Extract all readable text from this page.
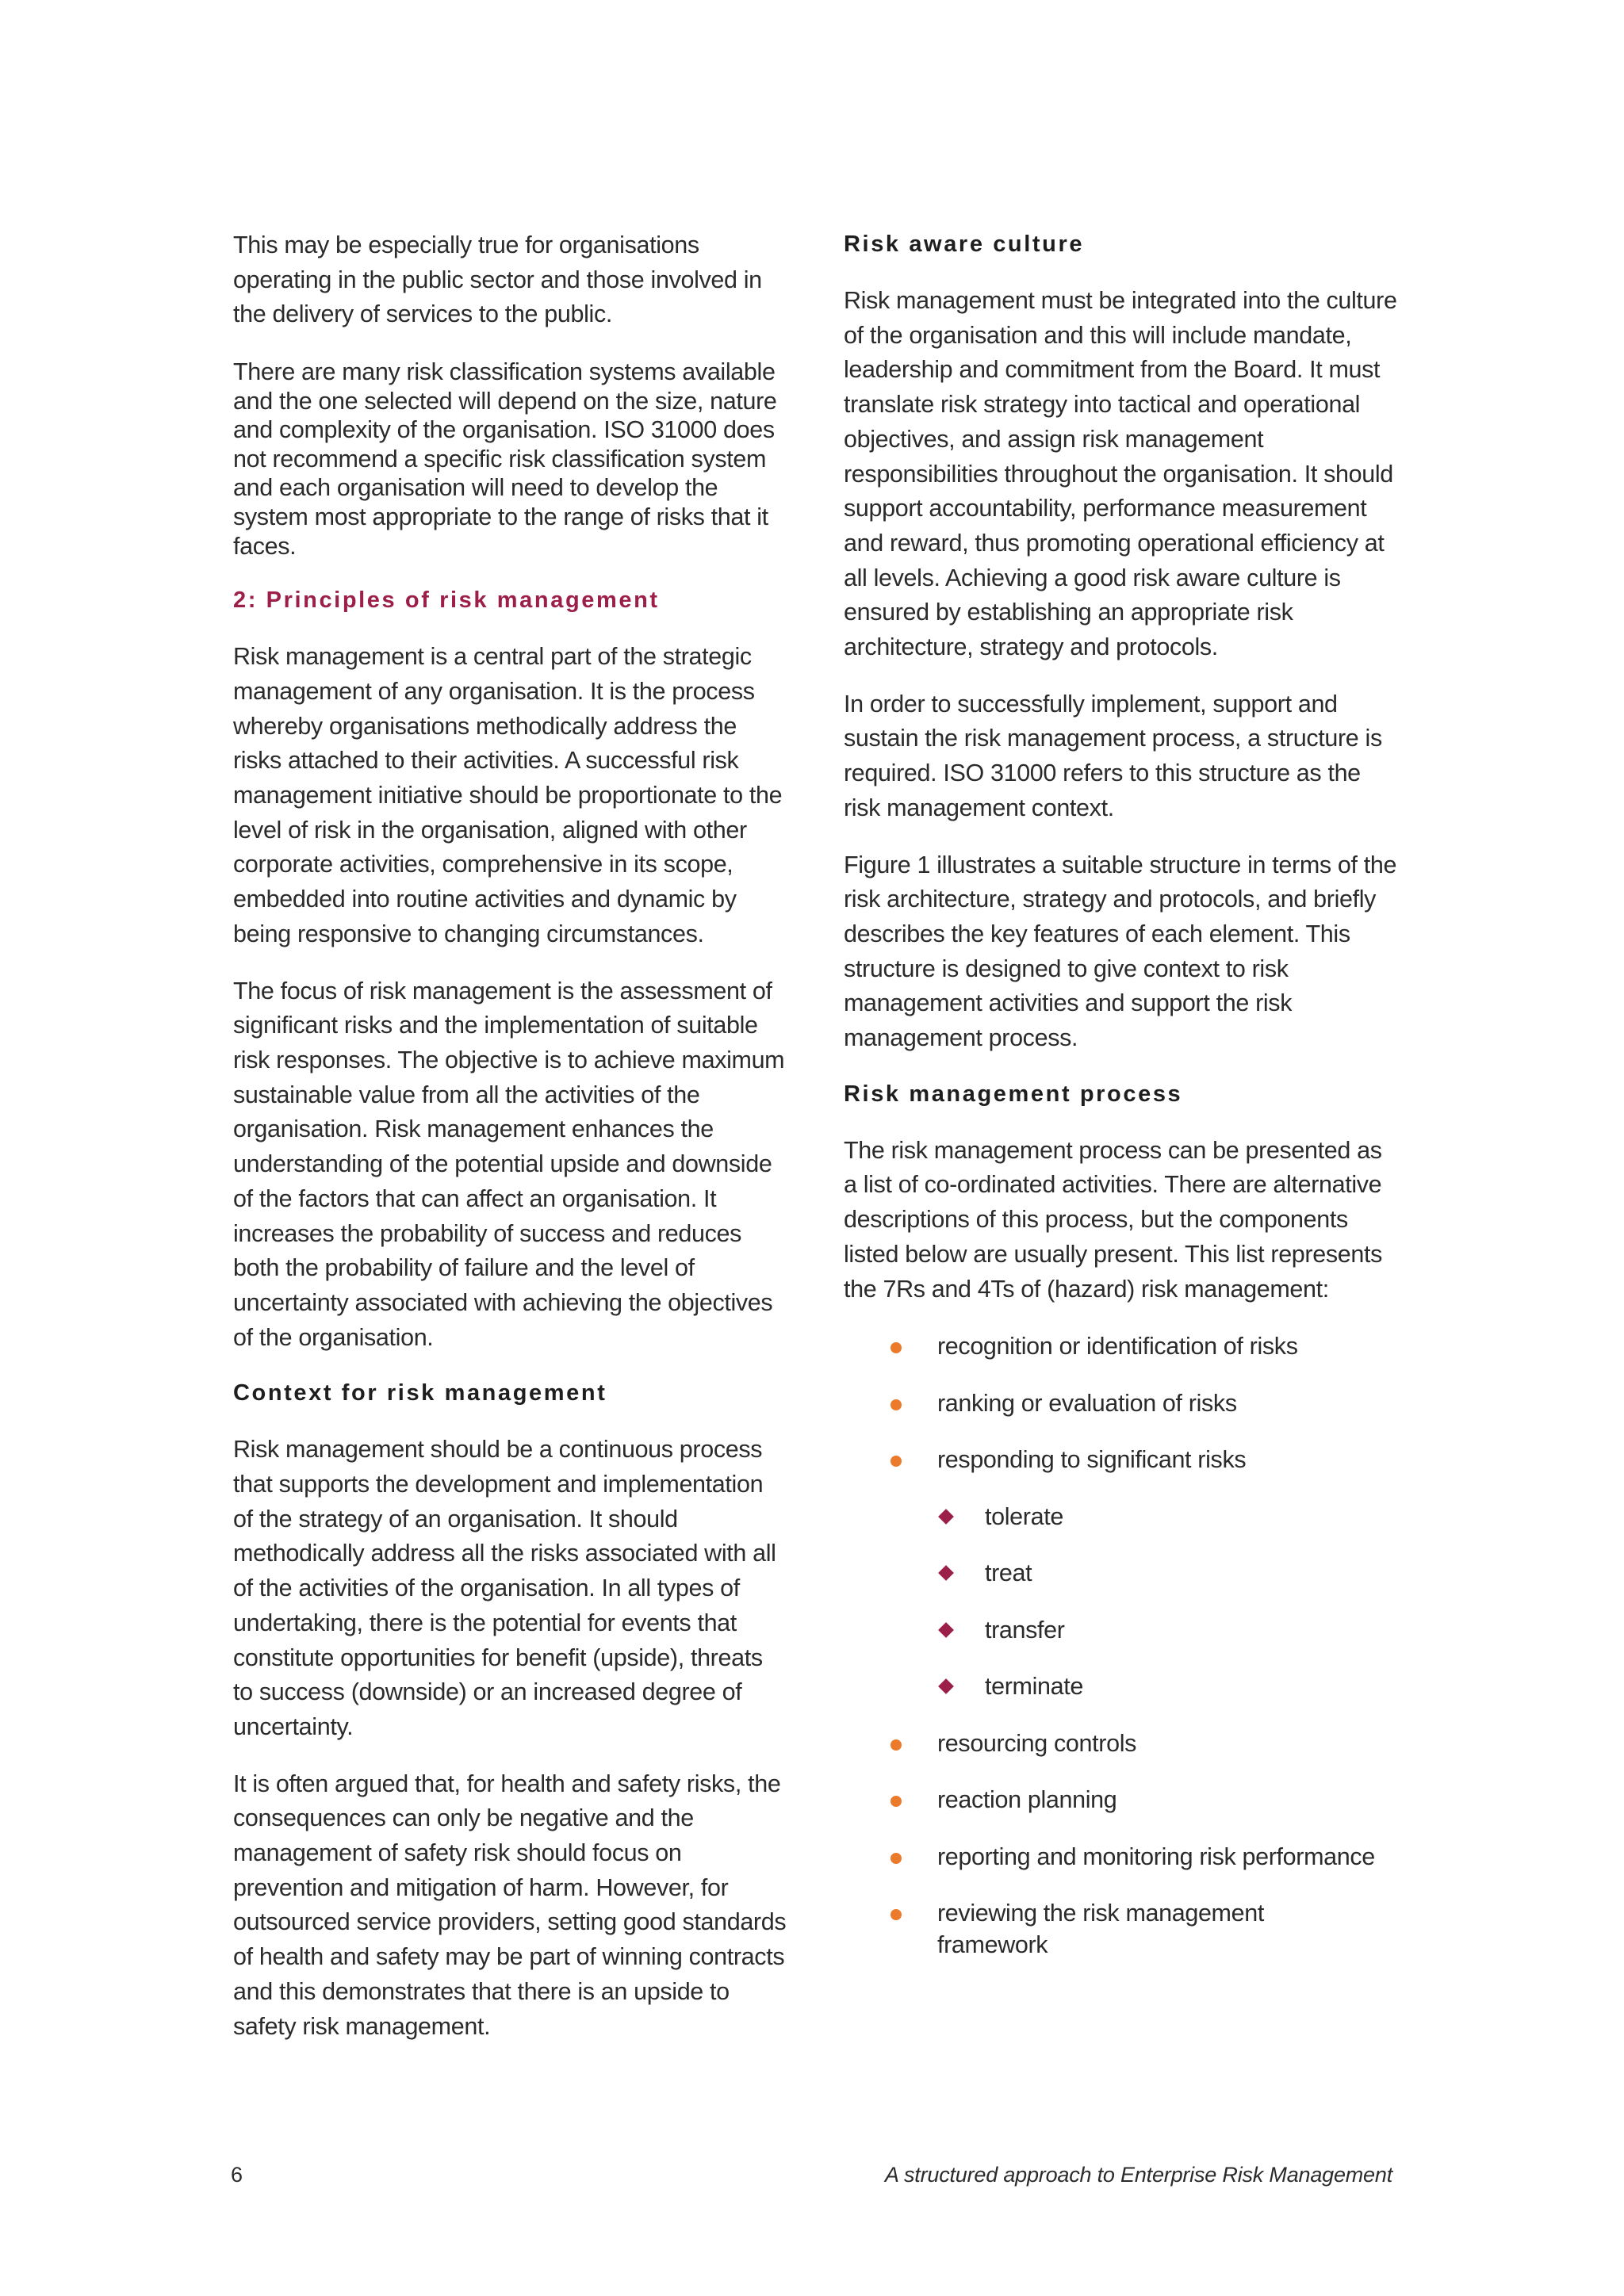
This may be especially true for organisations operating in the public sector and those involved in the delivery of services to the public.

There are many risk classification systems available and the one selected will depend on the size, nature and complexity of the organisation. ISO 31000 does not recommend a specific risk classification system and each organisation will need to develop the system most appropriate to the range of risks that it faces.

2: Principles of risk management

Risk management is a central part of the strategic management of any organisation. It is the process whereby organisations methodically address the risks attached to their activities. A successful risk management initiative should be proportionate to the level of risk in the organisation, aligned with other corporate activities, comprehensive in its scope, embedded into routine activities and dynamic by being responsive to changing circumstances.

The focus of risk management is the assessment of significant risks and the implementation of suitable risk responses. The objective is to achieve maximum sustainable value from all the activities of the organisation. Risk management enhances the understanding of the potential upside and downside of the factors that can affect an organisation. It increases the probability of success and reduces both the probability of failure and the level of uncertainty associated with achieving the objectives of the organisation.

Context for risk management

Risk management should be a continuous process that supports the development and implementation of the strategy of an organisation. It should methodically address all the risks associated with all of the activities of the organisation. In all types of undertaking, there is the potential for events that constitute opportunities for benefit (upside), threats to success (downside) or an increased degree of uncertainty.

It is often argued that, for health and safety risks, the consequences can only be negative and the management of safety risk should focus on prevention and mitigation of harm. However, for outsourced service providers, setting good standards of health and safety may be part of winning contracts and this demonstrates that there is an upside to safety risk management.

Risk aware culture

Risk management must be integrated into the culture of the organisation and this will include mandate, leadership and commitment from the Board. It must translate risk strategy into tactical and operational objectives, and assign risk management responsibilities throughout the organisation. It should support accountability, performance measurement and reward, thus promoting operational efficiency at all levels. Achieving a good risk aware culture is ensured by establishing an appropriate risk architecture, strategy and protocols.

In order to successfully implement, support and sustain the risk management process, a structure is required. ISO 31000 refers to this structure as the risk management context.

Figure 1 illustrates a suitable structure in terms of the risk architecture, strategy and protocols, and briefly describes the key features of each element. This structure is designed to give context to risk management activities and support the risk management process.

Risk management process

The risk management process can be presented as a list of co-ordinated activities. There are alternative descriptions of this process, but the components listed below are usually present. This list represents the 7Rs and 4Ts of (hazard) risk management:

recognition or identification of risks
ranking or evaluation of risks
responding to significant risks
tolerate
treat
transfer
terminate
resourcing controls
reaction planning
reporting and monitoring risk performance
reviewing the risk management framework
6	A structured approach to Enterprise Risk Management
